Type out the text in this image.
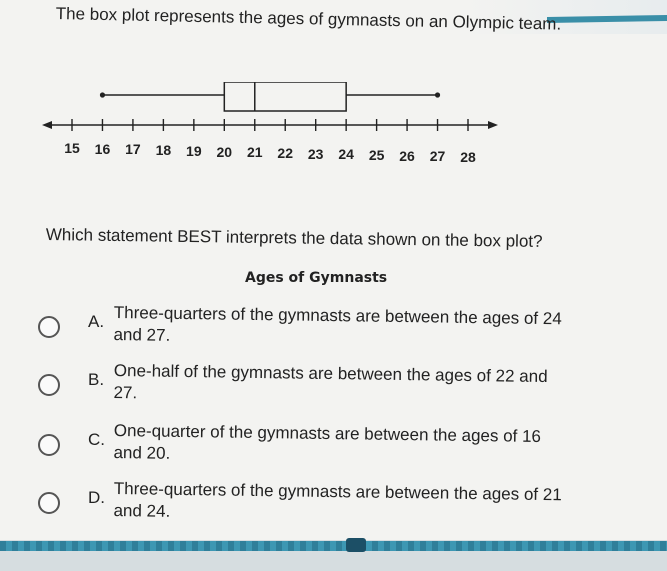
The box plot represents the ages of gymnasts on an Olympic team.
15 16 17 18 19 20 21 22 23 24 25 26 27 28
Ages of Gymnasts
Which statement BEST interprets the data shown on the box plot?
A. Three-quarters of the gymnasts are between the ages of 24 and 27.
B. One-half of the gymnasts are between the ages of 22 and 27.
C. One-quarter of the gymnasts are between the ages of 16 and 20.
D. Three-quarters of the gymnasts are between the ages of 21 and 24.
